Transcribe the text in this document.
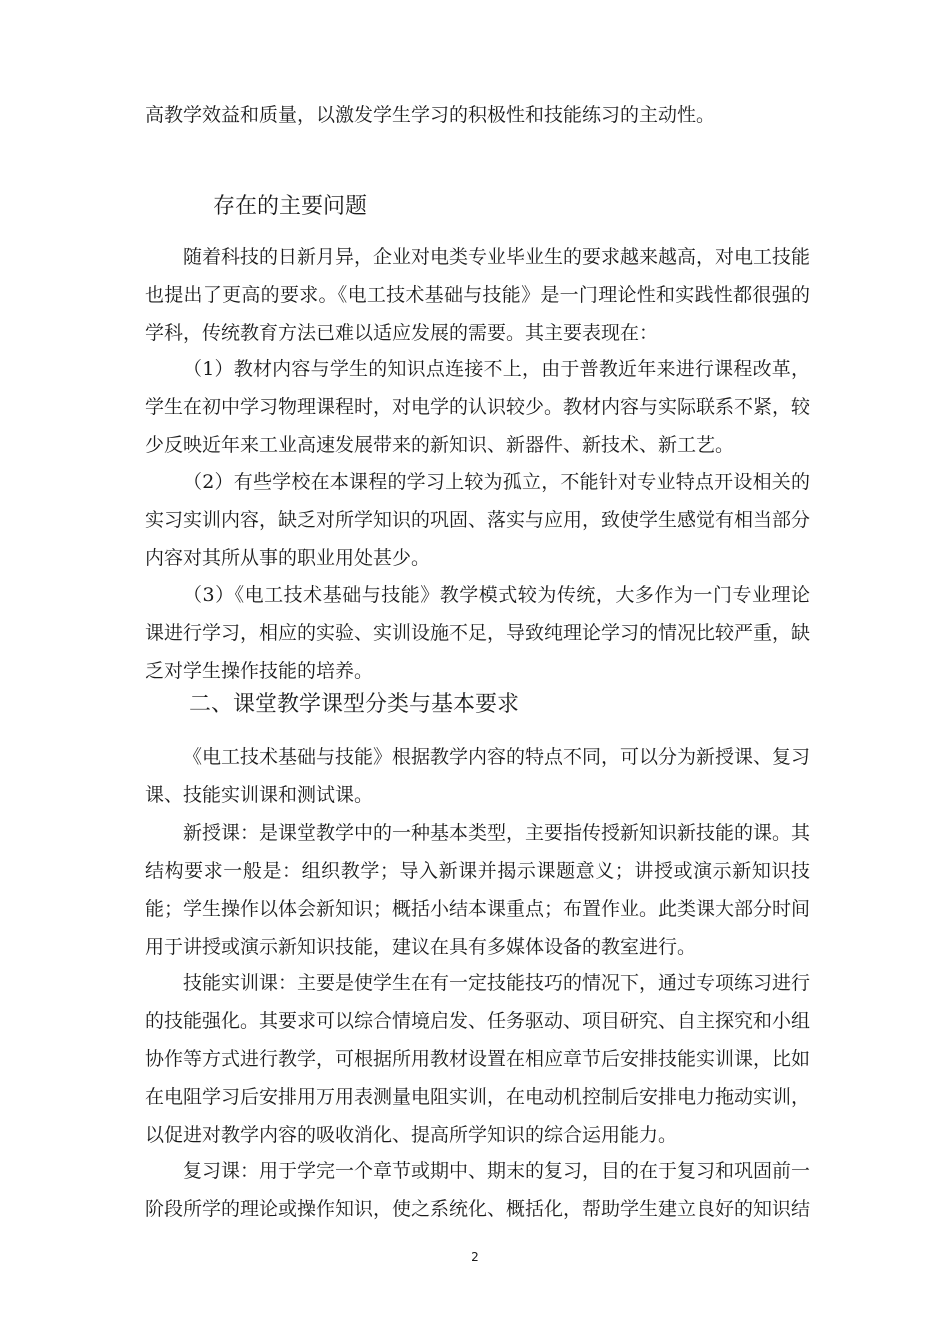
高教学效益和质量，以激发学生学习的积极性和技能练习的主动性。

存在的主要问题

随着科技的日新月异，企业对电类专业毕业生的要求越来越高，对电工技能也提出了更高的要求。《电工技术基础与技能》是一门理论性和实践性都很强的学科，传统教育方法已难以适应发展的需要。其主要表现在：

（1）教材内容与学生的知识点连接不上，由于普教近年来进行课程改革，学生在初中学习物理课程时，对电学的认识较少。教材内容与实际联系不紧，较少反映近年来工业高速发展带来的新知识、新器件、新技术、新工艺。

（2）有些学校在本课程的学习上较为孤立，不能针对专业特点开设相关的实习实训内容，缺乏对所学知识的巩固、落实与应用，致使学生感觉有相当部分内容对其所从事的职业用处甚少。

（3）《电工技术基础与技能》教学模式较为传统，大多作为一门专业理论课进行学习，相应的实验、实训设施不足，导致纯理论学习的情况比较严重，缺乏对学生操作技能的培养。

二、课堂教学课型分类与基本要求

《电工技术基础与技能》根据教学内容的特点不同，可以分为新授课、复习课、技能实训课和测试课。

新授课：是课堂教学中的一种基本类型，主要指传授新知识新技能的课。其结构要求一般是：组织教学；导入新课并揭示课题意义；讲授或演示新知识技能；学生操作以体会新知识；概括小结本课重点；布置作业。此类课大部分时间用于讲授或演示新知识技能，建议在具有多媒体设备的教室进行。

技能实训课：主要是使学生在有一定技能技巧的情况下，通过专项练习进行的技能强化。其要求可以综合情境启发、任务驱动、项目研究、自主探究和小组协作等方式进行教学，可根据所用教材设置在相应章节后安排技能实训课，比如在电阻学习后安排用万用表测量电阻实训，在电动机控制后安排电力拖动实训，以促进对教学内容的吸收消化、提高所学知识的综合运用能力。

复习课：用于学完一个章节或期中、期末的复习，目的在于复习和巩固前一阶段所学的理论或操作知识，使之系统化、概括化，帮助学生建立良好的知识结

2
